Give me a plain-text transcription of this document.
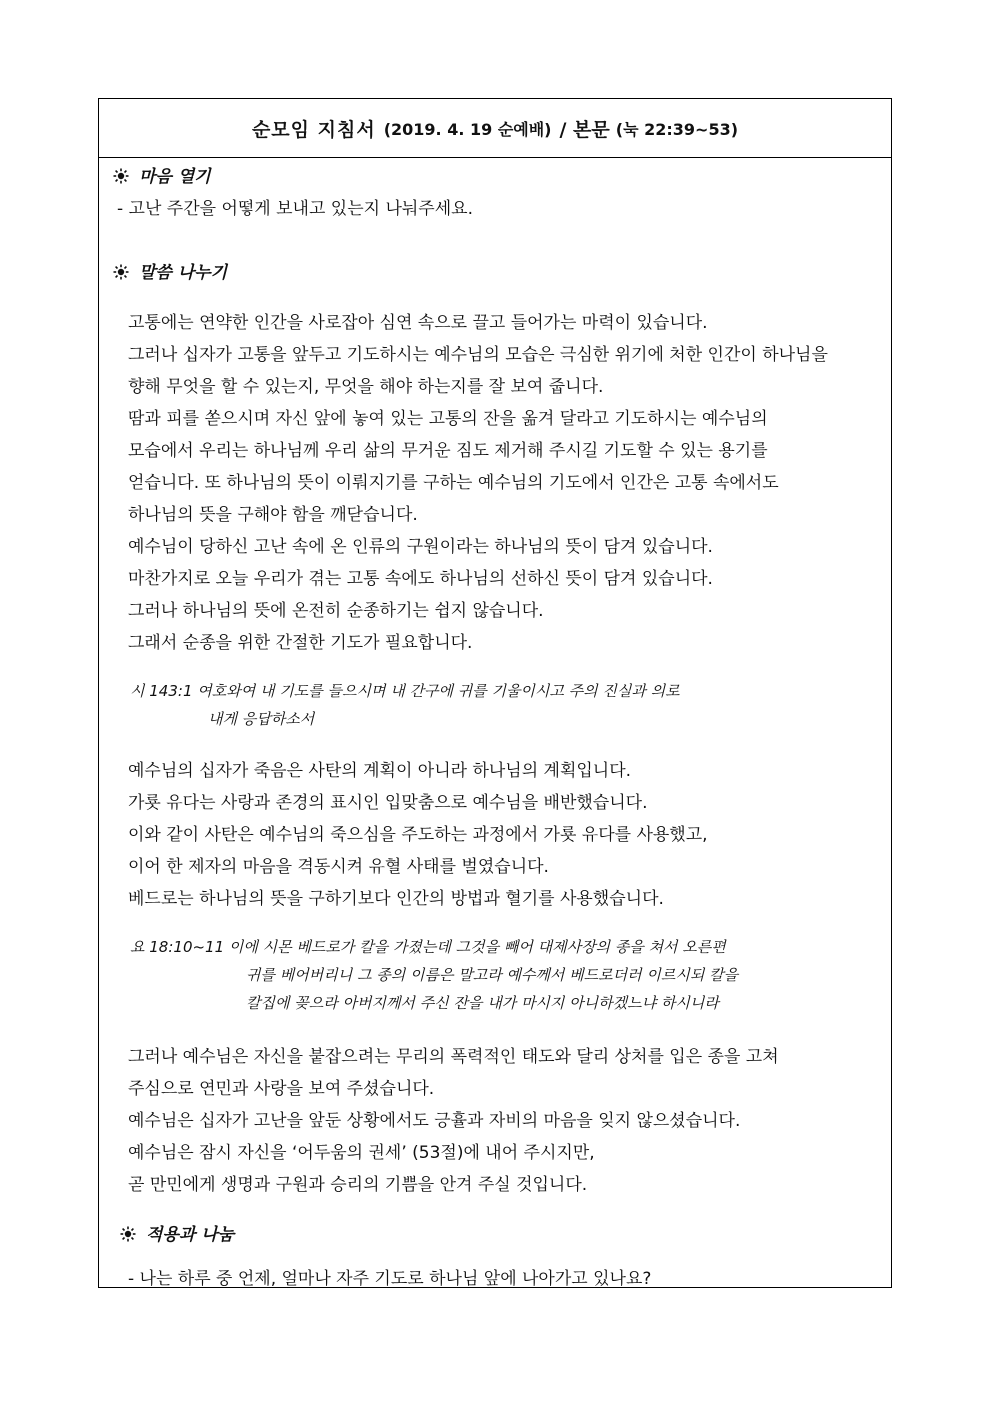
순모임 지침서 (2019. 4. 19 순예배) / 본문 (눅 22:39~53)
마음 열기
- 고난 주간을 어떻게 보내고 있는지 나눠주세요.
말씀 나누기
고통에는 연약한 인간을 사로잡아 심연 속으로 끌고 들어가는 마력이 있습니다.
그러나 십자가 고통을 앞두고 기도하시는 예수님의 모습은 극심한 위기에 처한 인간이 하나님을
향해 무엇을 할 수 있는지, 무엇을 해야 하는지를 잘 보여 줍니다.
땀과 피를 쏟으시며 자신 앞에 놓여 있는 고통의 잔을 옮겨 달라고 기도하시는 예수님의
모습에서 우리는 하나님께 우리 삶의 무거운 짐도 제거해 주시길 기도할 수 있는 용기를
얻습니다. 또 하나님의 뜻이 이뤄지기를 구하는 예수님의 기도에서 인간은 고통 속에서도
하나님의 뜻을 구해야 함을 깨닫습니다.
예수님이 당하신 고난 속에 온 인류의 구원이라는 하나님의 뜻이 담겨 있습니다.
마찬가지로 오늘 우리가 겪는 고통 속에도 하나님의 선하신 뜻이 담겨 있습니다.
그러나 하나님의 뜻에 온전히 순종하기는 쉽지 않습니다.
그래서 순종을 위한 간절한 기도가 필요합니다.
시 143:1 여호와여 내 기도를 들으시며 내 간구에 귀를 기울이시고 주의 진실과 의로
내게 응답하소서
예수님의 십자가 죽음은 사탄의 계획이 아니라 하나님의 계획입니다.
가룟 유다는 사랑과 존경의 표시인 입맞춤으로 예수님을 배반했습니다.
이와 같이 사탄은 예수님의 죽으심을 주도하는 과정에서 가룟 유다를 사용했고,
이어 한 제자의 마음을 격동시켜 유혈 사태를 벌였습니다.
베드로는 하나님의 뜻을 구하기보다 인간의 방법과 혈기를 사용했습니다.
요 18:10~11 이에 시몬 베드로가 칼을 가졌는데 그것을 빼어 대제사장의 종을 쳐서 오른편
귀를 베어버리니 그 종의 이름은 말고라 예수께서 베드로더러 이르시되 칼을
칼집에 꽂으라 아버지께서 주신 잔을 내가 마시지 아니하겠느냐 하시니라
그러나 예수님은 자신을 붙잡으려는 무리의 폭력적인 태도와 달리 상처를 입은 종을 고쳐
주심으로 연민과 사랑을 보여 주셨습니다.
예수님은 십자가 고난을 앞둔 상황에서도 긍휼과 자비의 마음을 잊지 않으셨습니다.
예수님은 잠시 자신을 ‘어두움의 권세’ (53절)에 내어 주시지만,
곧 만민에게 생명과 구원과 승리의 기쁨을 안겨 주실 것입니다.
적용과 나눔
- 나는 하루 중 언제, 얼마나 자주 기도로 하나님 앞에 나아가고 있나요?
